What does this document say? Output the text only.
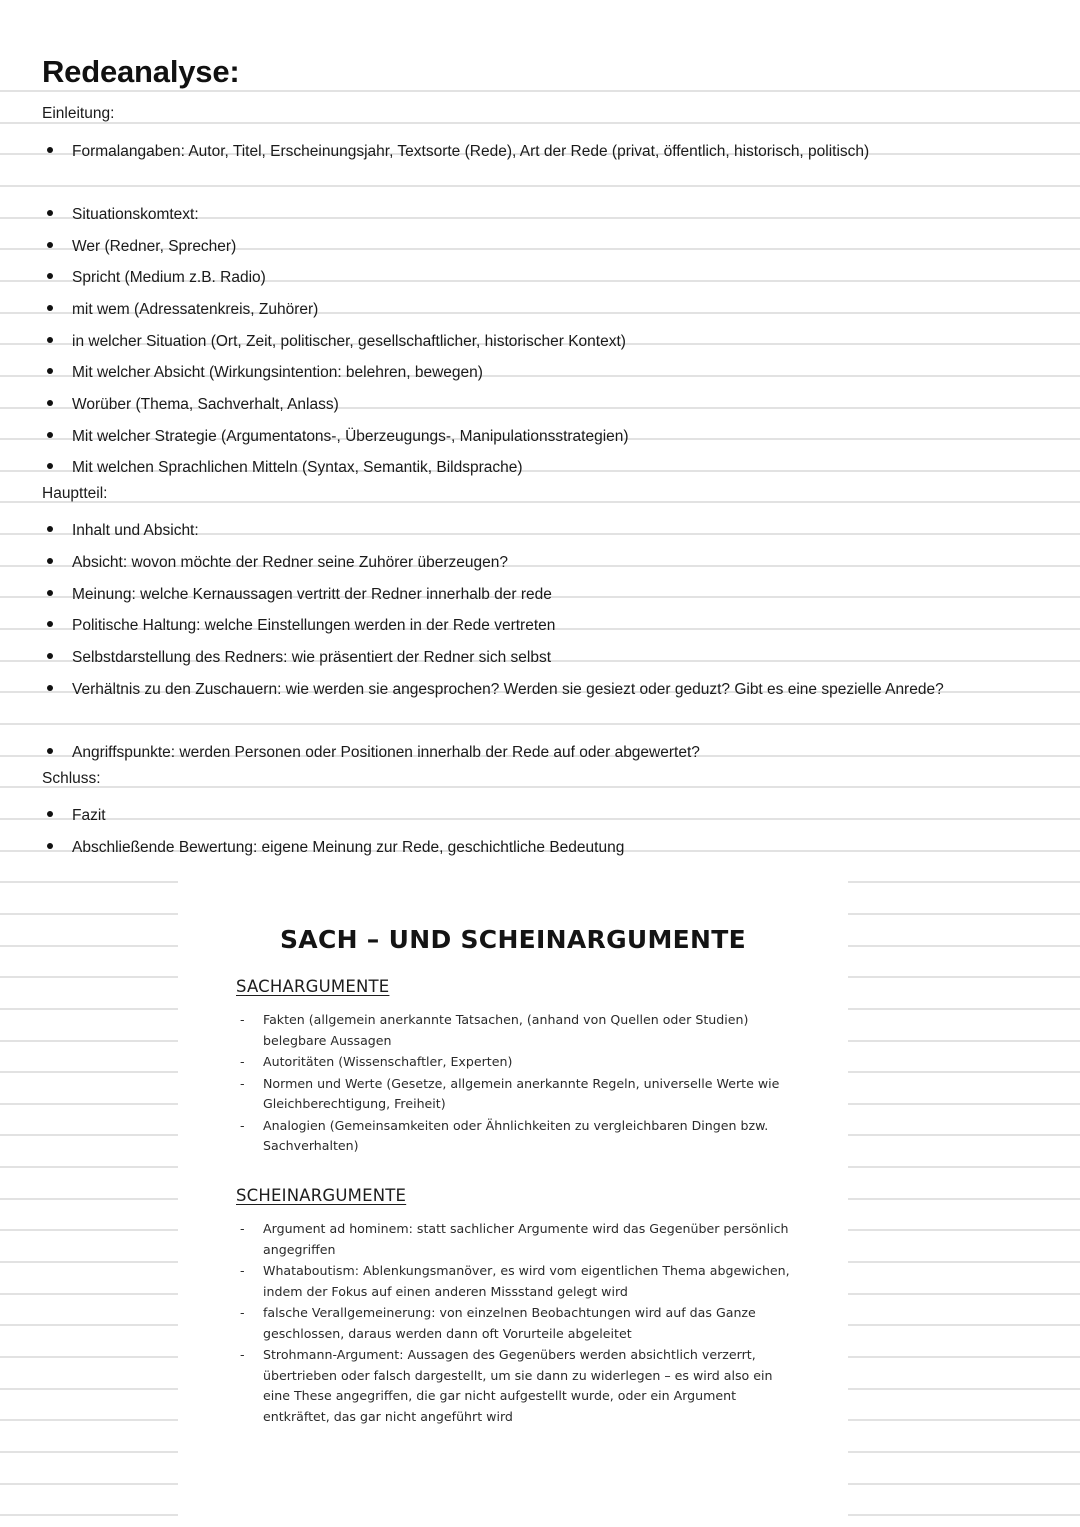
Redeanalyse:
Einleitung:
Formalangaben: Autor, Titel, Erscheinungsjahr, Textsorte (Rede), Art der Rede (privat, öffentlich, historisch, politisch)
Situationskomtext:
Wer (Redner, Sprecher)
Spricht (Medium z.B. Radio)
mit wem (Adressatenkreis, Zuhörer)
in welcher Situation (Ort, Zeit, politischer, gesellschaftlicher, historischer Kontext)
Mit welcher Absicht (Wirkungsintention: belehren, bewegen)
Worüber (Thema, Sachverhalt, Anlass)
Mit welcher Strategie (Argumentatons-, Überzeugungs-, Manipulationsstrategien)
Mit welchen Sprachlichen Mitteln (Syntax, Semantik, Bildsprache)
Hauptteil:
Inhalt und Absicht:
Absicht: wovon möchte der Redner seine Zuhörer überzeugen?
Meinung: welche Kernaussagen vertritt der Redner innerhalb der rede
Politische Haltung: welche Einstellungen werden in der Rede vertreten
Selbstdarstellung des Redners: wie präsentiert der Redner sich selbst
Verhältnis zu den Zuschauern: wie werden sie angesprochen? Werden sie gesiezt oder geduzt? Gibt es eine spezielle Anrede?
Angriffspunkte: werden Personen oder Positionen innerhalb der Rede auf oder abgewertet?
Schluss:
Fazit
Abschließende Bewertung: eigene Meinung zur Rede, geschichtliche Bedeutung
SACH – UND SCHEINARGUMENTE
SACHARGUMENTE
- Fakten (allgemein anerkannte Tatsachen, (anhand von Quellen oder Studien) belegbare Aussagen
- Autoritäten (Wissenschaftler, Experten)
- Normen und Werte (Gesetze, allgemein anerkannte Regeln, universelle Werte wie Gleichberechtigung, Freiheit)
- Analogien (Gemeinsamkeiten oder Ähnlichkeiten zu vergleichbaren Dingen bzw. Sachverhalten)
SCHEINARGUMENTE
- Argument ad hominem: statt sachlicher Argumente wird das Gegenüber persönlich angegriffen
- Whataboutism: Ablenkungsmanöver, es wird vom eigentlichen Thema abgewichen, indem der Fokus auf einen anderen Missstand gelegt wird
- falsche Verallgemeinerung: von einzelnen Beobachtungen wird auf das Ganze geschlossen, daraus werden dann oft Vorurteile abgeleitet
- Strohmann-Argument: Aussagen des Gegenübers werden absichtlich verzerrt, übertrieben oder falsch dargestellt, um sie dann zu widerlegen – es wird also ein eine These angegriffen, die gar nicht aufgestellt wurde, oder ein Argument entkräftet, das gar nicht angeführt wird
